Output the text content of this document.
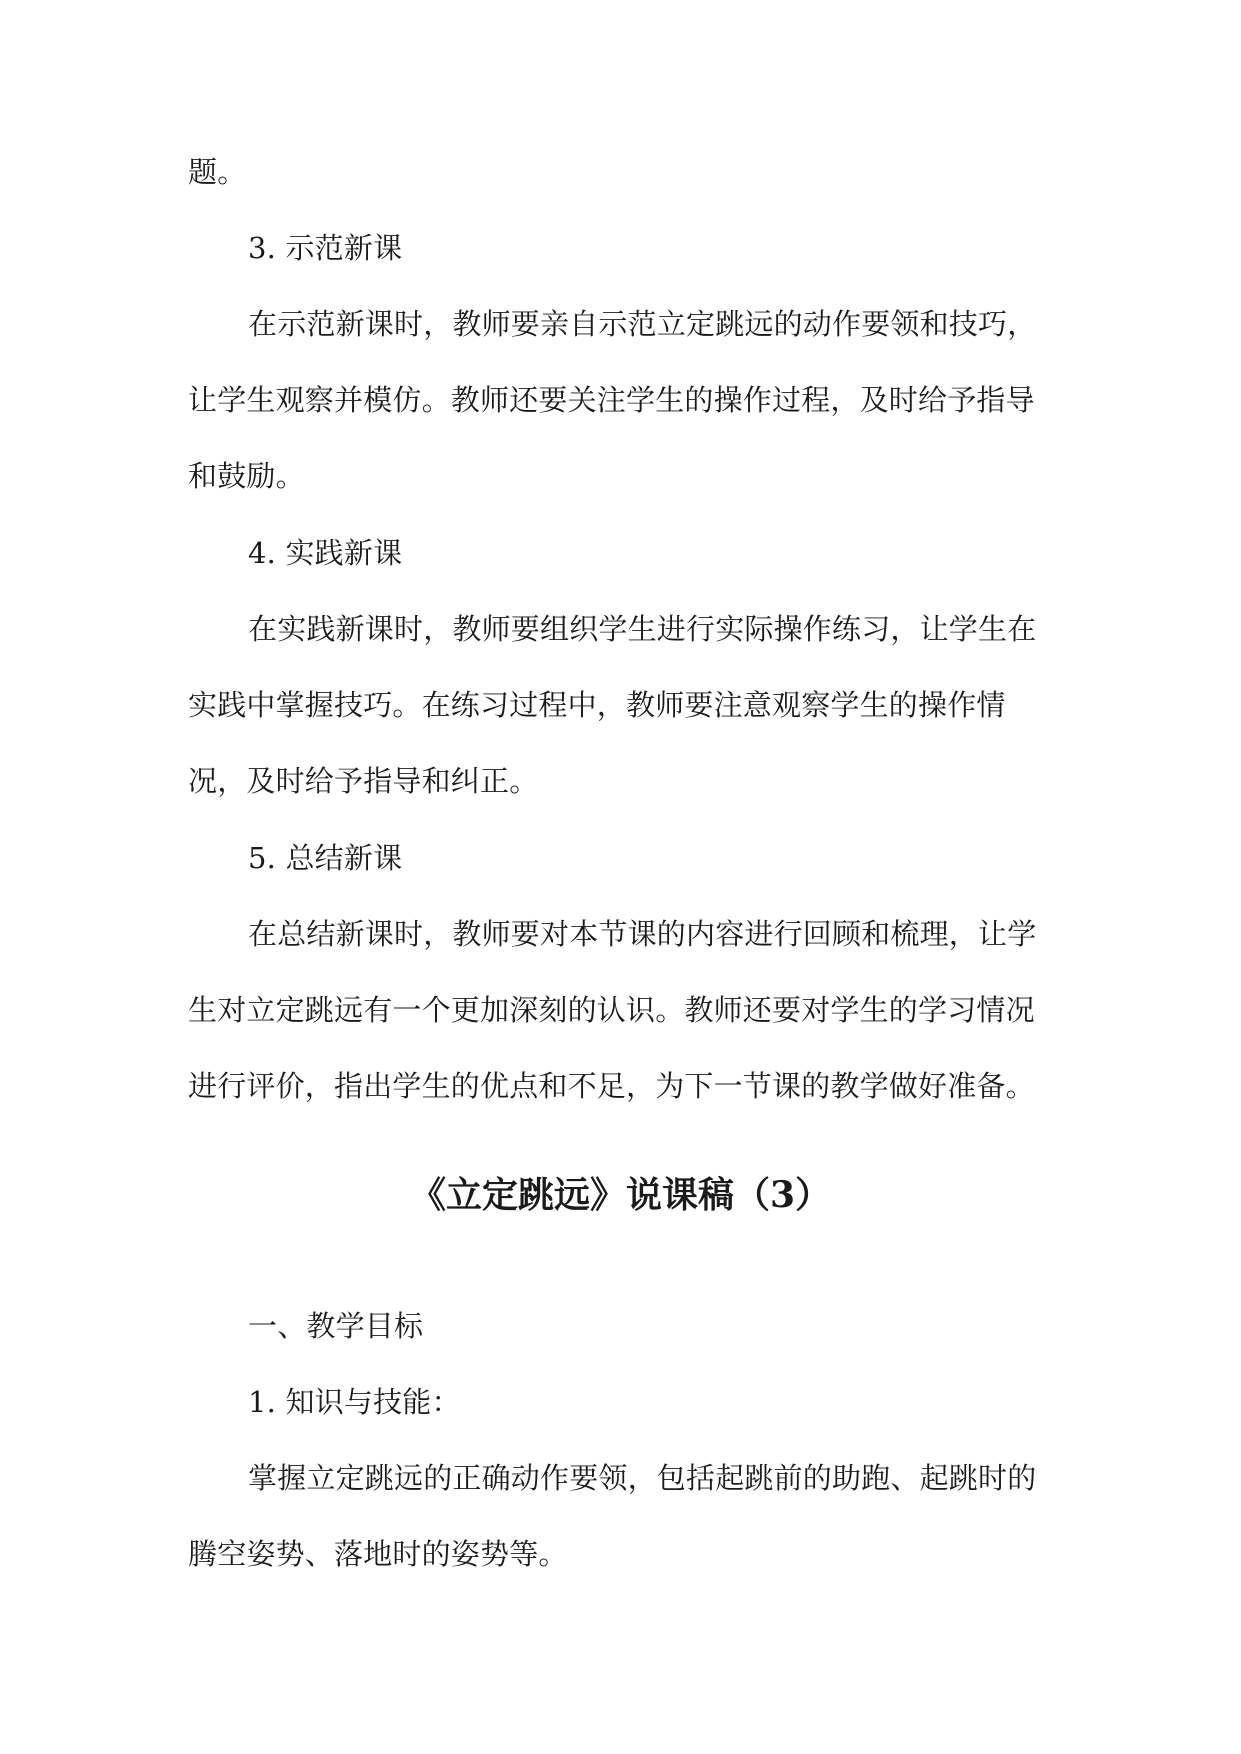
题。

3. 示范新课

在示范新课时，教师要亲自示范立定跳远的动作要领和技巧，让学生观察并模仿。教师还要关注学生的操作过程，及时给予指导和鼓励。

4. 实践新课

在实践新课时，教师要组织学生进行实际操作练习，让学生在实践中掌握技巧。在练习过程中，教师要注意观察学生的操作情况，及时给予指导和纠正。

5. 总结新课

在总结新课时，教师要对本节课的内容进行回顾和梳理，让学生对立定跳远有一个更加深刻的认识。教师还要对学生的学习情况进行评价，指出学生的优点和不足，为下一节课的教学做好准备。

《立定跳远》说课稿（3）

一、教学目标

1. 知识与技能：

掌握立定跳远的正确动作要领，包括起跳前的助跑、起跳时的腾空姿势、落地时的姿势等。
